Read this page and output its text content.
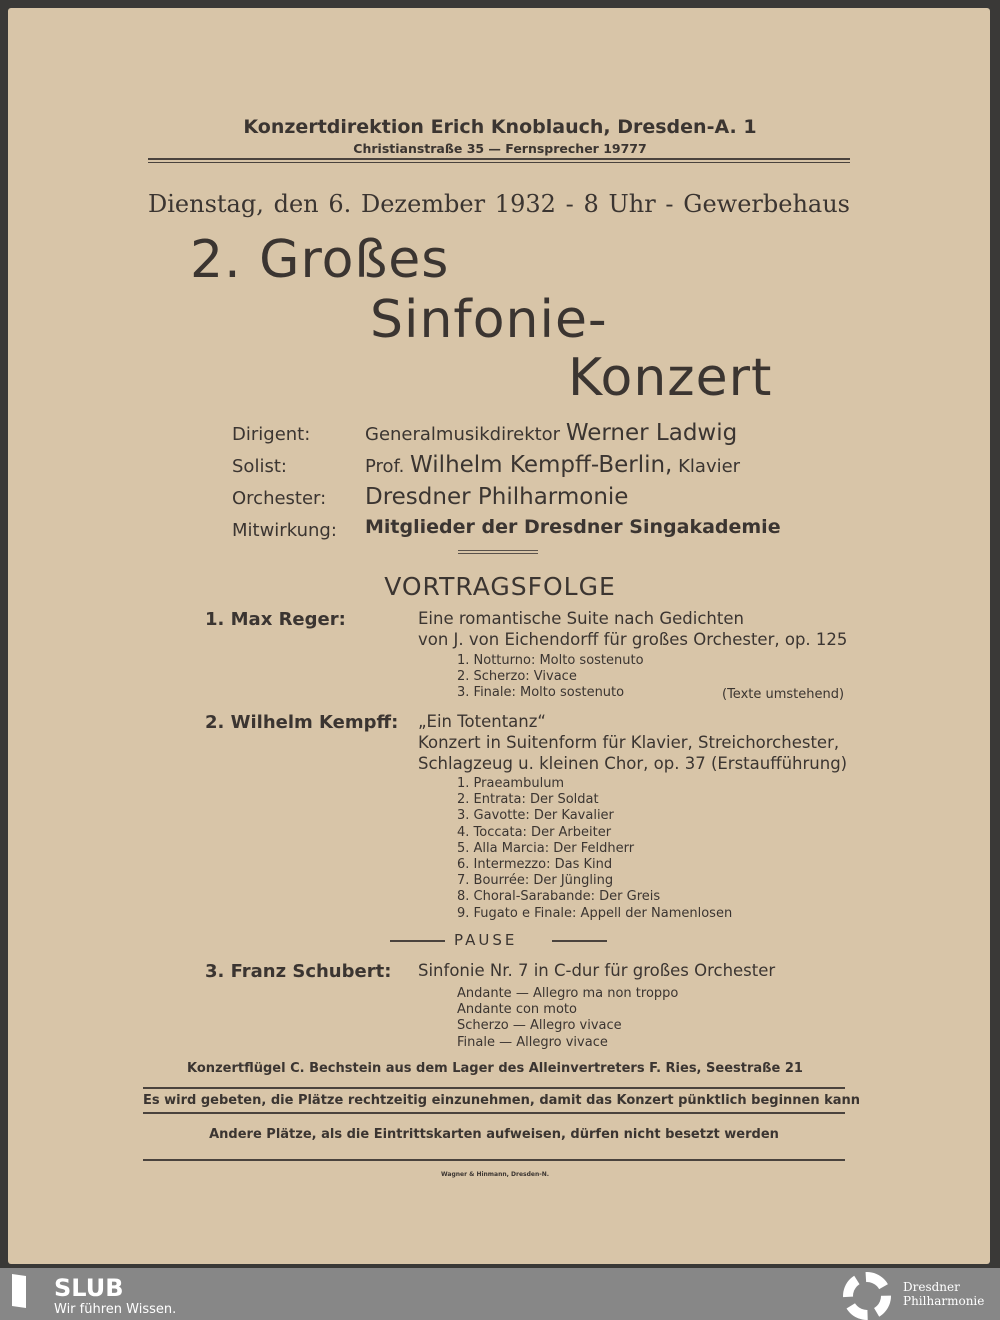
Konzertdirektion Erich Knoblauch, Dresden-A. 1
Christianstraße 35 — Fernsprecher 19777
Dienstag, den 6. Dezember 1932 - 8 Uhr - Gewerbehaus
2. Großes
Sinfonie-
Konzert
Dirigent:	Generalmusikdirektor Werner Ladwig
Solist:	Prof. Wilhelm Kempff-Berlin, Klavier
Orchester: Dresdner Philharmonie
Mitwirkung: Mitglieder der Dresdner Singakademie
VORTRAGSFOLGE
1. Max Reger:	Eine romantische Suite nach Gedichten
von J. von Eichendorff für großes Orchester, op. 125
1. Notturno: Molto sostenuto
2. Scherzo: Vivace
3. Finale: Molto sostenuto	(Texte umstehend)
2. Wilhelm Kempff: „Ein Totentanz“
Konzert in Suitenform für Klavier, Streichorchester,
Schlagzeug u. kleinen Chor, op. 37 (Erstaufführung)
1. Praeambulum
2. Entrata: Der Soldat
3. Gavotte: Der Kavalier
4. Toccata: Der Arbeiter
5. Alla Marcia: Der Feldherr
6. Intermezzo: Das Kind
7. Bourrée: Der Jüngling
8. Choral-Sarabande: Der Greis
9. Fugato e Finale: Appell der Namenlosen
3. Franz Schubert: Sinfonie Nr. 7 in C-dur für großes Orchester
Andante — Allegro ma non troppo
Andante con moto
Scherzo — Allegro vivace
Finale — Allegro vivace
PAUSE
Konzertflügel C. Bechstein aus dem Lager des Alleinvertreters F. Ries, Seestraße 21
Es wird gebeten, die Plätze rechtzeitig einzunehmen, damit das Konzert pünktlich beginnen kann
Andere Plätze, als die Eintrittskarten aufweisen, dürfen nicht besetzt werden
Wagner & Hinmann, Dresden-N.
SLUB
Wir führen Wissen.
Dresdner
Philharmonie
